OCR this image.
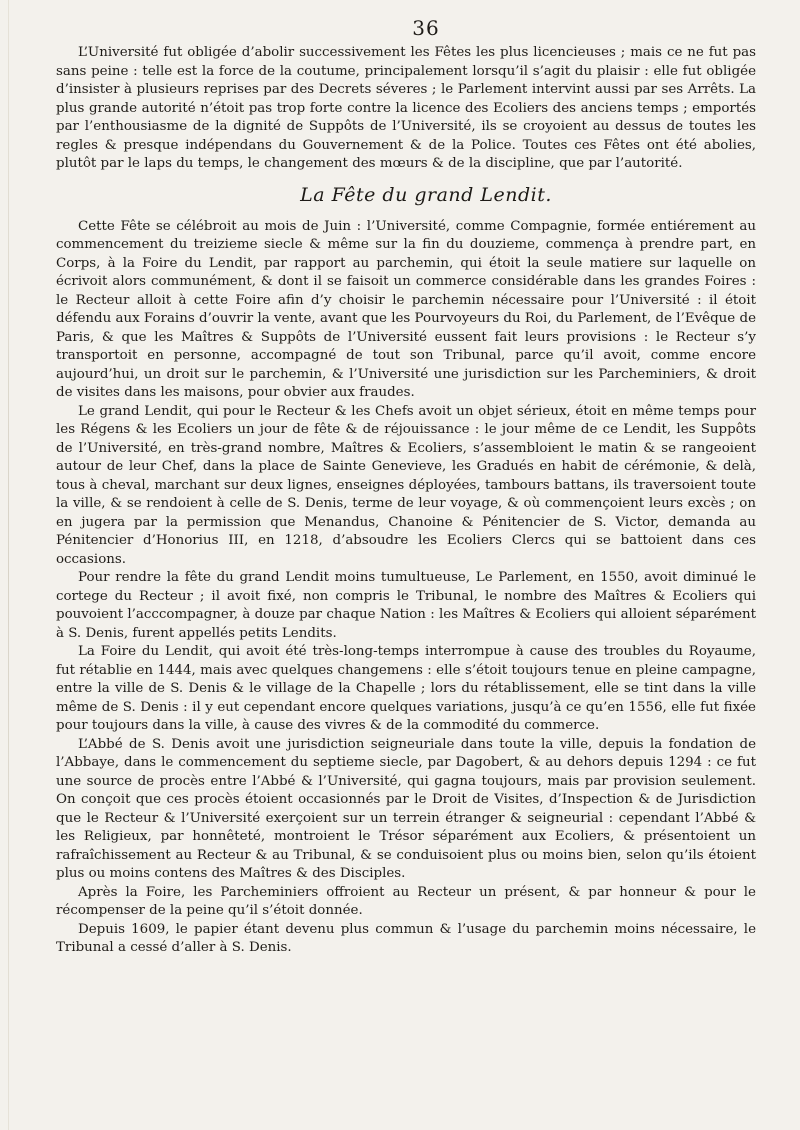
36

L’Université fut obligée d’abolir successivement les Fêtes les plus licencieuses ; mais ce ne fut pas sans peine : telle est la force de la coutume, principalement lorsqu’il s’agit du plaisir : elle fut obligée d’insister à plusieurs reprises par des Decrets séveres ; le Parlement intervint aussi par ses Arrêts. La plus grande autorité n’étoit pas trop forte contre la licence des Ecoliers des anciens temps ; emportés par l’enthousiasme de la dignité de Suppôts de l’Université, ils se croyoient au dessus de toutes les regles & presque indépendans du Gouvernement & de la Police. Toutes ces Fêtes ont été abolies, plutôt par le laps du temps, le changement des mœurs & de la discipline, que par l’autorité.

La Fête du grand Lendit.

Cette Fête se célébroit au mois de Juin : l’Université, comme Compagnie, formée entiérement au commencement du treizieme siecle & même sur la fin du douzieme, commença à prendre part, en Corps, à la Foire du Lendit, par rapport au parchemin, qui étoit la seule matiere sur laquelle on écrivoit alors communément, & dont il se faisoit un commerce considérable dans les grandes Foires : le Recteur alloit à cette Foire afin d’y choisir le parchemin nécessaire pour l’Université : il étoit défendu aux Forains d’ouvrir la vente, avant que les Pourvoyeurs du Roi, du Parlement, de l’Evêque de Paris, & que les Maîtres & Suppôts de l’Université eussent fait leurs provisions : le Recteur s’y transportoit en personne, accompagné de tout son Tribunal, parce qu’il avoit, comme encore aujourd’hui, un droit sur le parchemin, & l’Université une jurisdiction sur les Parcheminiers, & droit de visites dans les maisons, pour obvier aux fraudes.

Le grand Lendit, qui pour le Recteur & les Chefs avoit un objet sérieux, étoit en même temps pour les Régens & les Ecoliers un jour de fête & de réjouissance : le jour même de ce Lendit, les Suppôts de l’Université, en très-grand nombre, Maîtres & Ecoliers, s’assembloient le matin & se rangeoient autour de leur Chef, dans la place de Sainte Genevieve, les Gradués en habit de cérémonie, & delà, tous à cheval, marchant sur deux lignes, enseignes déployées, tambours battans, ils traversoient toute la ville, & se rendoient à celle de S. Denis, terme de leur voyage, & où commençoient leurs excès ; on en jugera par la permission que Menandus, Chanoine & Pénitencier de S. Victor, demanda au Pénitencier d’Honorius III, en 1218, d’absoudre les Ecoliers Clercs qui se battoient dans ces occasions.

Pour rendre la fête du grand Lendit moins tumultueuse, Le Parlement, en 1550, avoit diminué le cortege du Recteur ; il avoit fixé, non compris le Tribunal, le nombre des Maîtres & Ecoliers qui pouvoient l’acccompagner, à douze par chaque Nation : les Maîtres & Ecoliers qui alloient séparément à S. Denis, furent appellés petits Lendits.

La Foire du Lendit, qui avoit été très-long-temps interrompue à cause des troubles du Royaume, fut rétablie en 1444, mais avec quelques changemens : elle s’étoit toujours tenue en pleine campagne, entre la ville de S. Denis & le village de la Chapelle ; lors du rétablissement, elle se tint dans la ville même de S. Denis : il y eut cependant encore quelques variations, jusqu’à ce qu’en 1556, elle fut fixée pour toujours dans la ville, à cause des vivres & de la commodité du commerce.

L’Abbé de S. Denis avoit une jurisdiction seigneuriale dans toute la ville, depuis la fondation de l’Abbaye, dans le commencement du septieme siecle, par Dagobert, & au dehors depuis 1294 : ce fut une source de procès entre l’Abbé & l’Université, qui gagna toujours, mais par provision seulement. On conçoit que ces procès étoient occasionnés par le Droit de Visites, d’Inspection & de Jurisdiction que le Recteur & l’Université exerçoient sur un terrein étranger & seigneurial : cependant l’Abbé & les Religieux, par honnêteté, montroient le Trésor séparément aux Ecoliers, & présentoient un rafraîchissement au Recteur & au Tribunal, & se conduisoient plus ou moins bien, selon qu’ils étoient plus ou moins contens des Maîtres & des Disciples.

Après la Foire, les Parcheminiers offroient au Recteur un présent, & par honneur & pour le récompenser de la peine qu’il s’étoit donnée.

Depuis 1609, le papier étant devenu plus commun & l’usage du parchemin moins nécessaire, le Tribunal a cessé d’aller à S. Denis.
